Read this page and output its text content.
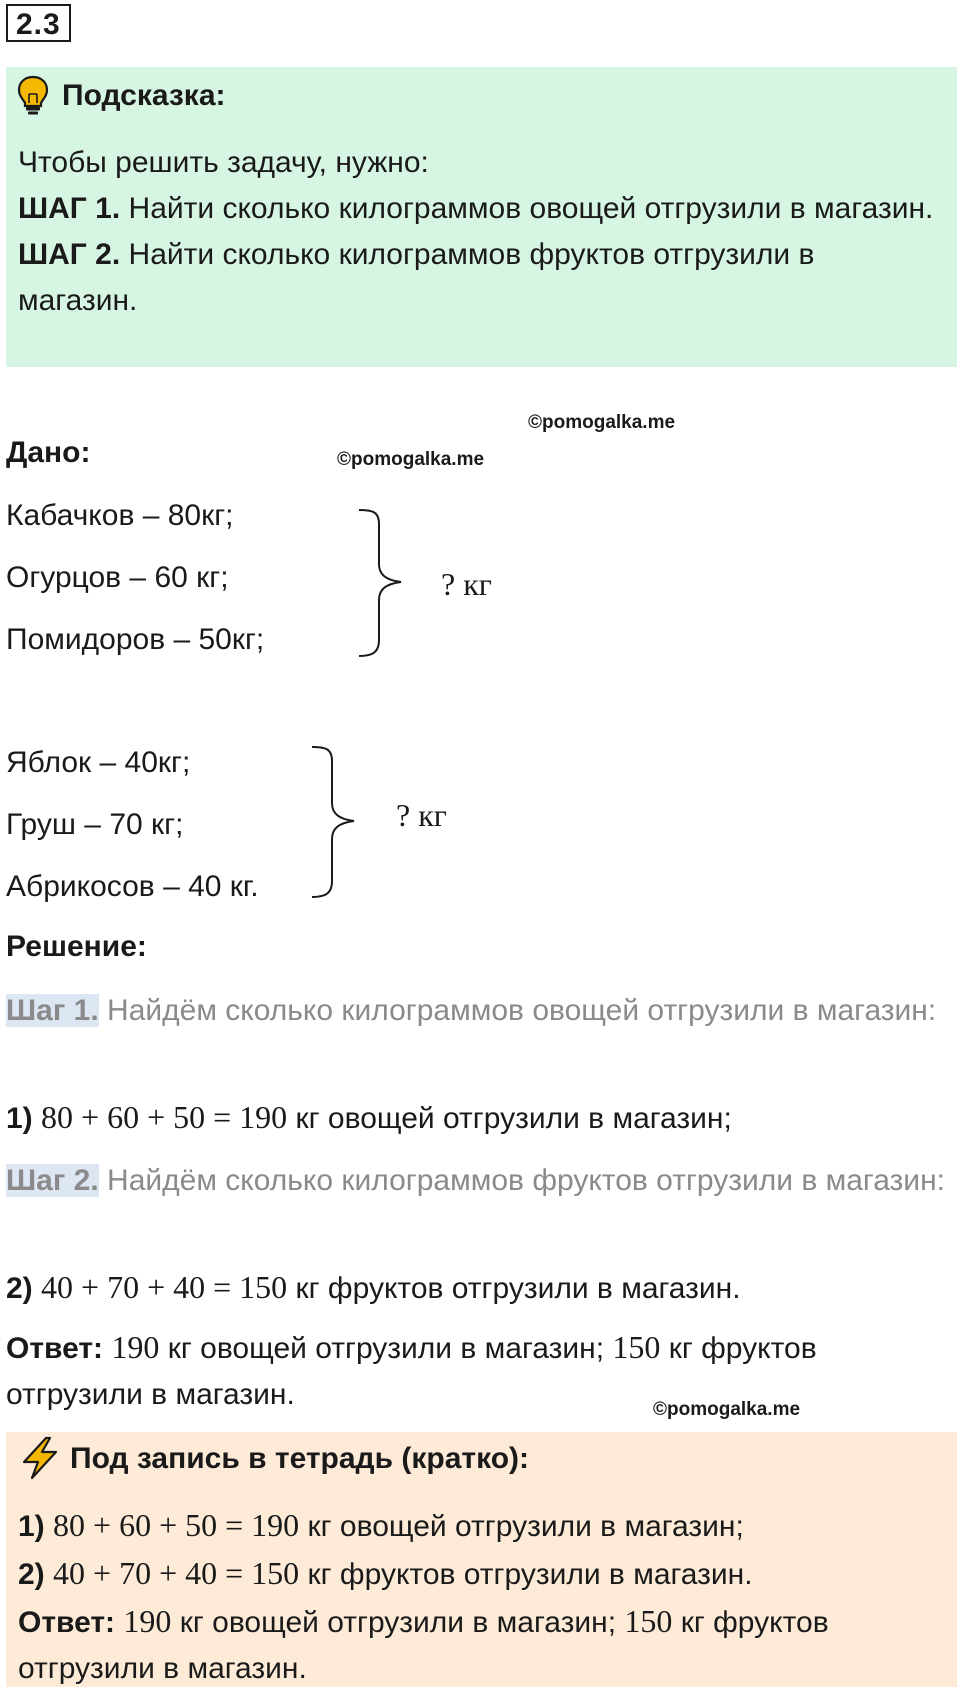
2.3
Подсказка:
Чтобы решить задачу, нужно:
ШАГ 1. Найти сколько килограммов овощей отгрузили в магазин.
ШАГ 2. Найти сколько килограммов фруктов отгрузили в магазин.
©pomogalka.me
©pomogalka.me
©pomogalka.me
Дано:
Кабачков – 80кг;
Огурцов – 60 кг;
Помидоров – 50кг;
? кг
Яблок – 40кг;
Груш – 70 кг;
Абрикосов – 40 кг.
? кг
Решение:
Шаг 1. Найдём сколько килограммов овощей отгрузили в магазин:
1) 80 + 60 + 50 = 190 кг овощей отгрузили в магазин;
Шаг 2. Найдём сколько килограммов фруктов отгрузили в магазин:
2) 40 + 70 + 40 = 150 кг фруктов отгрузили в магазин.
Ответ: 190 кг овощей отгрузили в магазин; 150 кг фруктов отгрузили в магазин.
Под запись в тетрадь (кратко):
1) 80 + 60 + 50 = 190 кг овощей отгрузили в магазин;
2) 40 + 70 + 40 = 150 кг фруктов отгрузили в магазин.
Ответ: 190 кг овощей отгрузили в магазин; 150 кг фруктов отгрузили в магазин.
